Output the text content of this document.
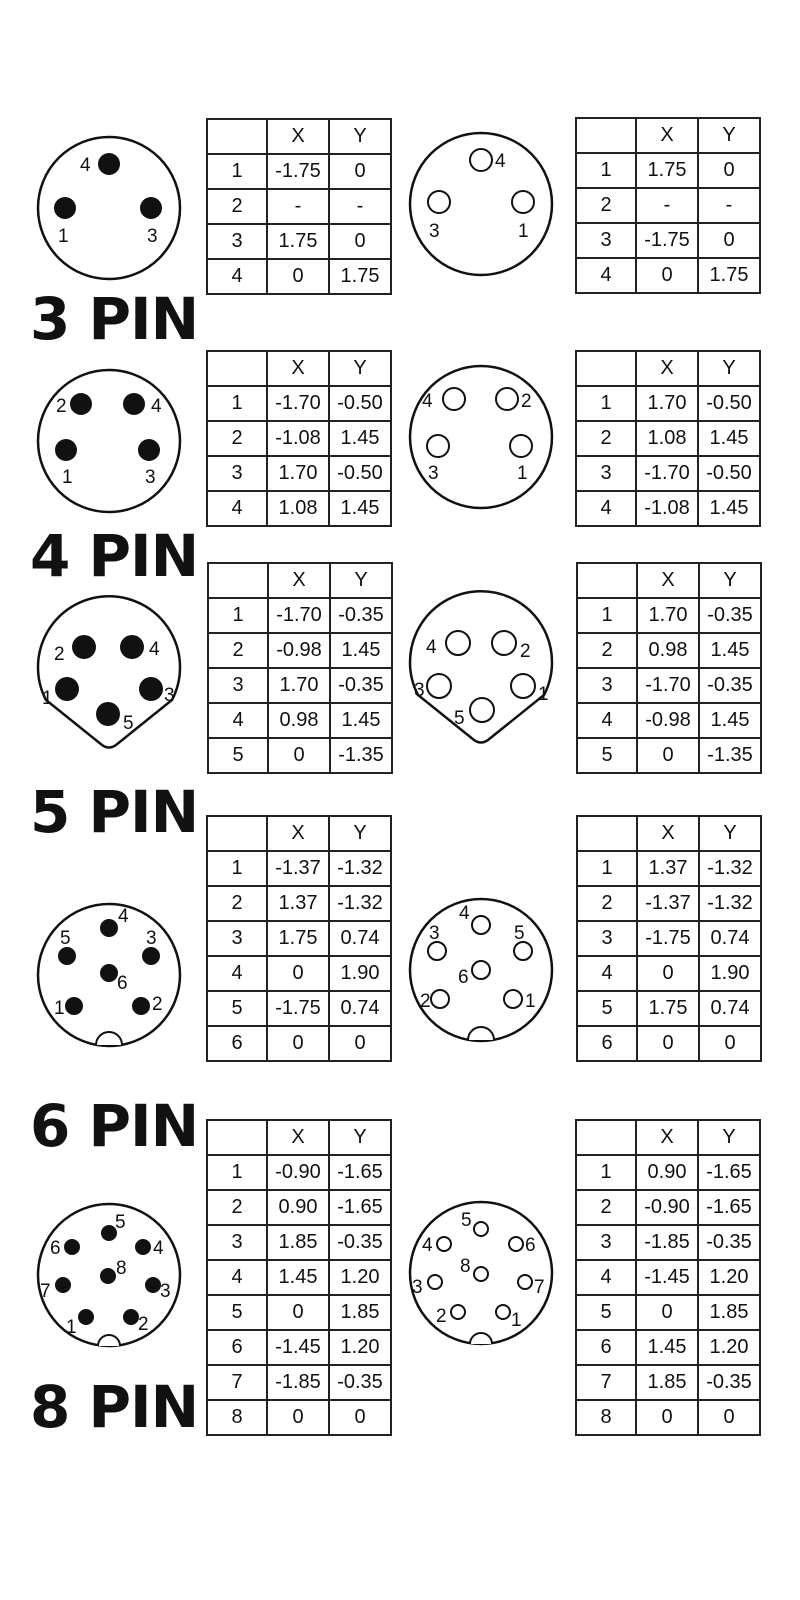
3 PIN
4 PIN
5 PIN
6 PIN
8 PIN
4
1	3
	X	Y
1	-1.75	0
2	-	-
3	1.75	0
4	0	1.75
4
3	1
	X	Y
1	1.75	0
2	-	-
3	-1.75	0
4	0	1.75
2	4
1	3
	X	Y
1	-1.70	-0.50
2	-1.08	1.45
3	1.70	-0.50
4	1.08	1.45
4	2
3	1
	X	Y
1	1.70	-0.50
2	1.08	1.45
3	-1.70	-0.50
4	-1.08	1.45
2	4
1	3
5
	X	Y
1	-1.70	-0.35
2	-0.98	1.45
3	1.70	-0.35
4	0.98	1.45
5	0	-1.35
4	2
3	1
5
	X	Y
1	1.70	-0.35
2	0.98	1.45
3	-1.70	-0.35
4	-0.98	1.45
5	0	-1.35
4
5	3
6
1	2
	X	Y
1	-1.37	-1.32
2	1.37	-1.32
3	1.75	0.74
4	0	1.90
5	-1.75	0.74
6	0	0
4
3	5
6
2	1
	X	Y
1	1.37	-1.32
2	-1.37	-1.32
3	-1.75	0.74
4	0	1.90
5	1.75	0.74
6	0	0
5
6	4
8
7	3
1	2
	X	Y
1	-0.90	-1.65
2	0.90	-1.65
3	1.85	-0.35
4	1.45	1.20
5	0	1.85
6	-1.45	1.20
7	-1.85	-0.35
8	0	0
5
4	6
8
3	7
2	1
	X	Y
1	0.90	-1.65
2	-0.90	-1.65
3	-1.85	-0.35
4	-1.45	1.20
5	0	1.85
6	1.45	1.20
7	1.85	-0.35
8	0	0
